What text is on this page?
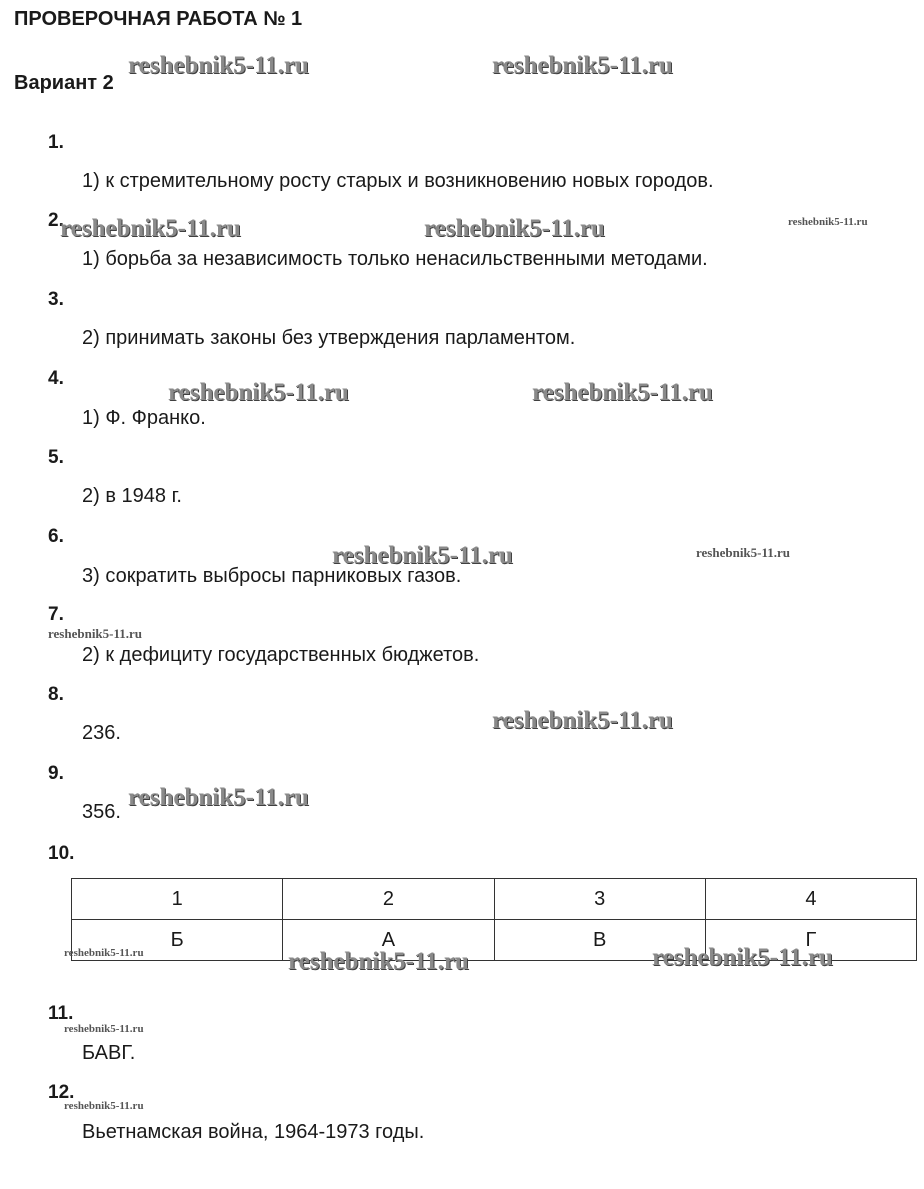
ПРОВЕРОЧНАЯ РАБОТА № 1
Вариант 2
1.
1) к стремительному росту старых и возникновению новых городов.
2.
1) борьба за независимость только ненасильственными методами.
3.
2) принимать законы без утверждения парламентом.
4.
1) Ф. Франко.
5.
2) в 1948 г.
6.
3) сократить выбросы парниковых газов.
7.
2) к дефициту государственных бюджетов.
8.
236.
9.
356.
10.
1	2	3	4
Б	А	В	Г
11.
БАВГ.
12.
Вьетнамская война, 1964-1973 годы.
reshebnik5-11.ru	reshebnik5-11.ru
reshebnik5-11.ru	reshebnik5-11.ru	reshebnik5-11.ru
reshebnik5-11.ru	reshebnik5-11.ru
reshebnik5-11.ru	reshebnik5-11.ru
reshebnik5-11.ru
reshebnik5-11.ru
reshebnik5-11.ru
reshebnik5-11.ru	reshebnik5-11.ru	reshebnik5-11.ru
reshebnik5-11.ru
reshebnik5-11.ru
